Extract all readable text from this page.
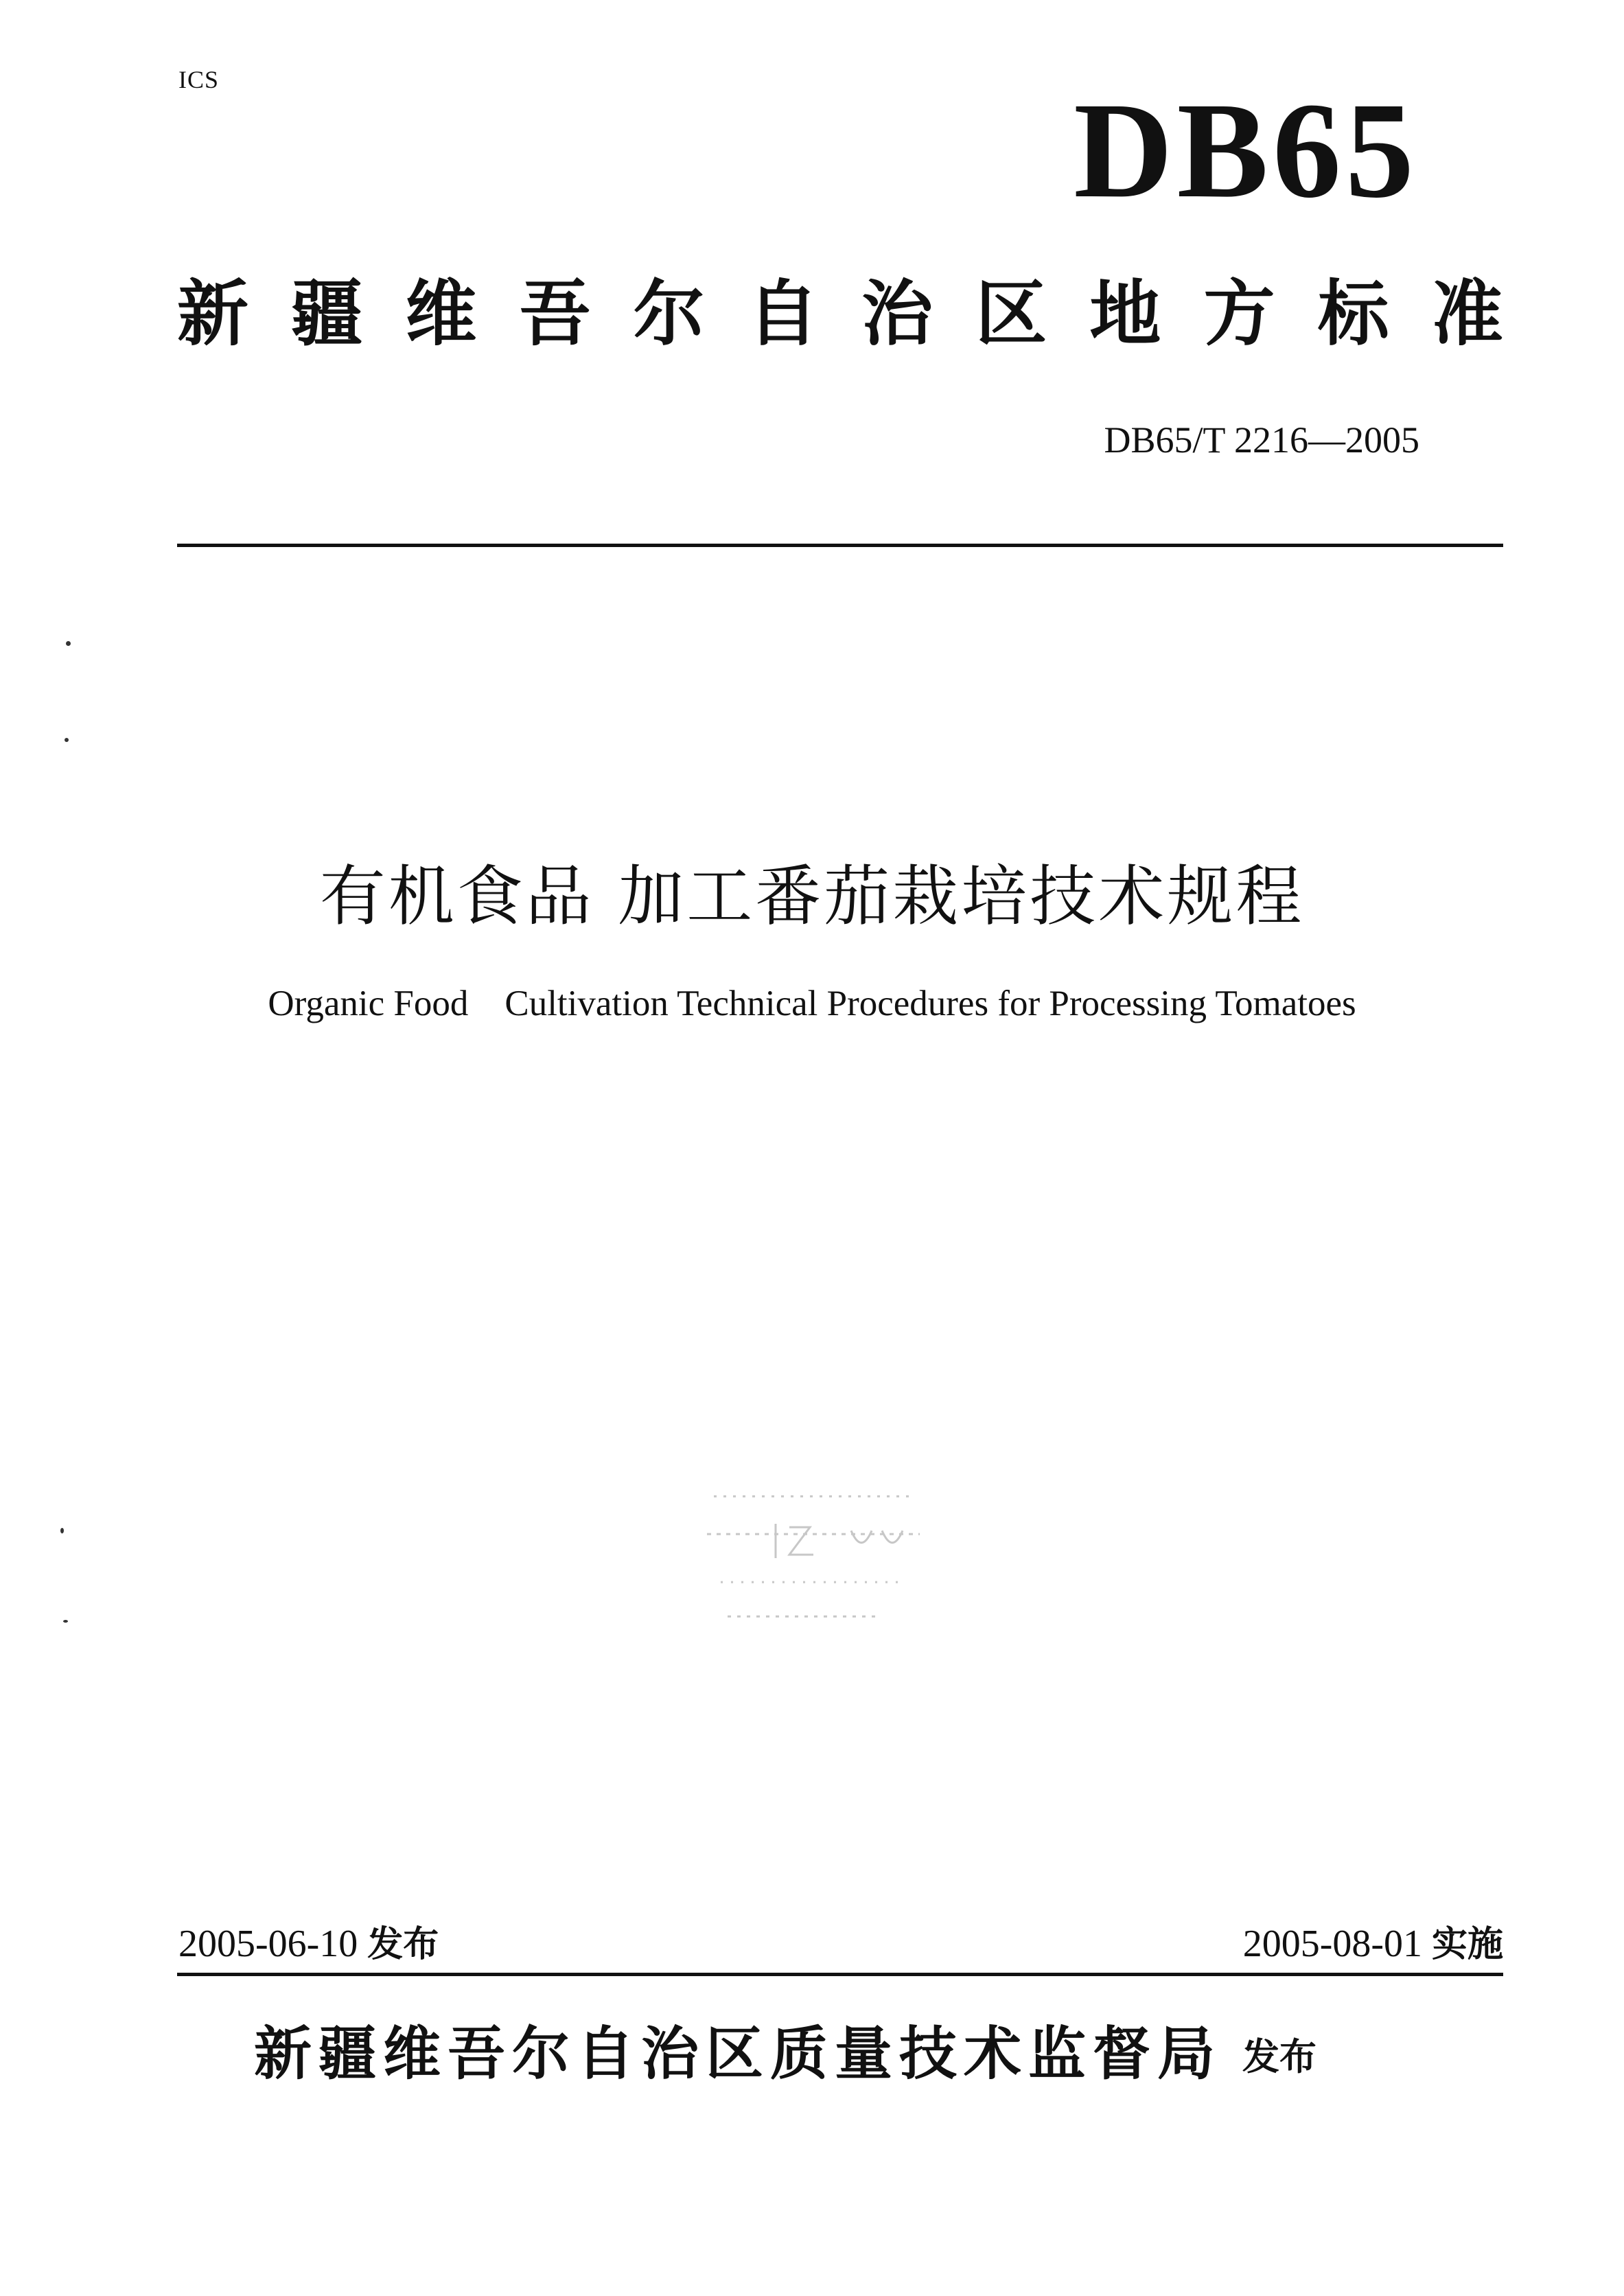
ICS	DB65
新 疆 维 吾 尔 自 治 区 地 方 标 准
DB65/T 2216—2005
有机食品 加工番茄栽培技术规程
Organic Food    Cultivation Technical Procedures for Processing Tomatoes
2005-06-10 发布	2005-08-01 实施
新疆维吾尔自治区质量技术监督局 发布
